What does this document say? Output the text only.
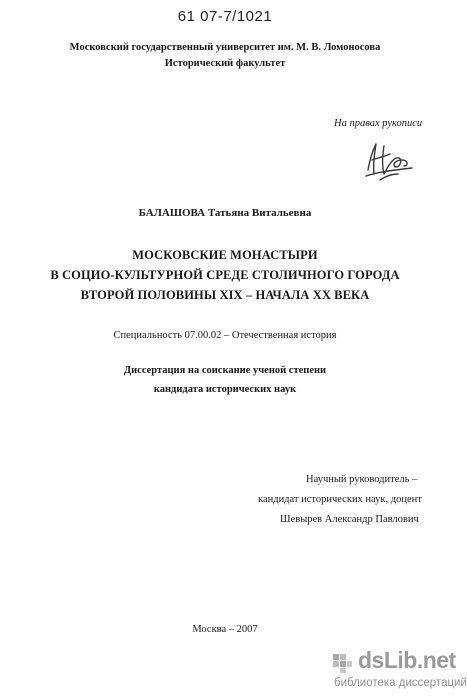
61 07-7/1021
Московский государственный университет им. М. В. Ломоносова
Исторический факультет
На правах рукописи
БАЛАШОВА Татьяна Витальевна
МОСКОВСКИЕ МОНАСТЫРИ
В СОЦИО-КУЛЬТУРНОЙ СРЕДЕ СТОЛИЧНОГО ГОРОДА
ВТОРОЙ ПОЛОВИНЫ XIX – НАЧАЛА XX ВЕКА
Специальность 07.00.02 – Отечественная история
Диссертация на соискание ученой степени
кандидата исторических наук
Научный руководитель –
кандидат исторических наук, доцент
Шевырев Александр Павлович
Москва – 2007
dsLib.net
библиотека диссертаций
